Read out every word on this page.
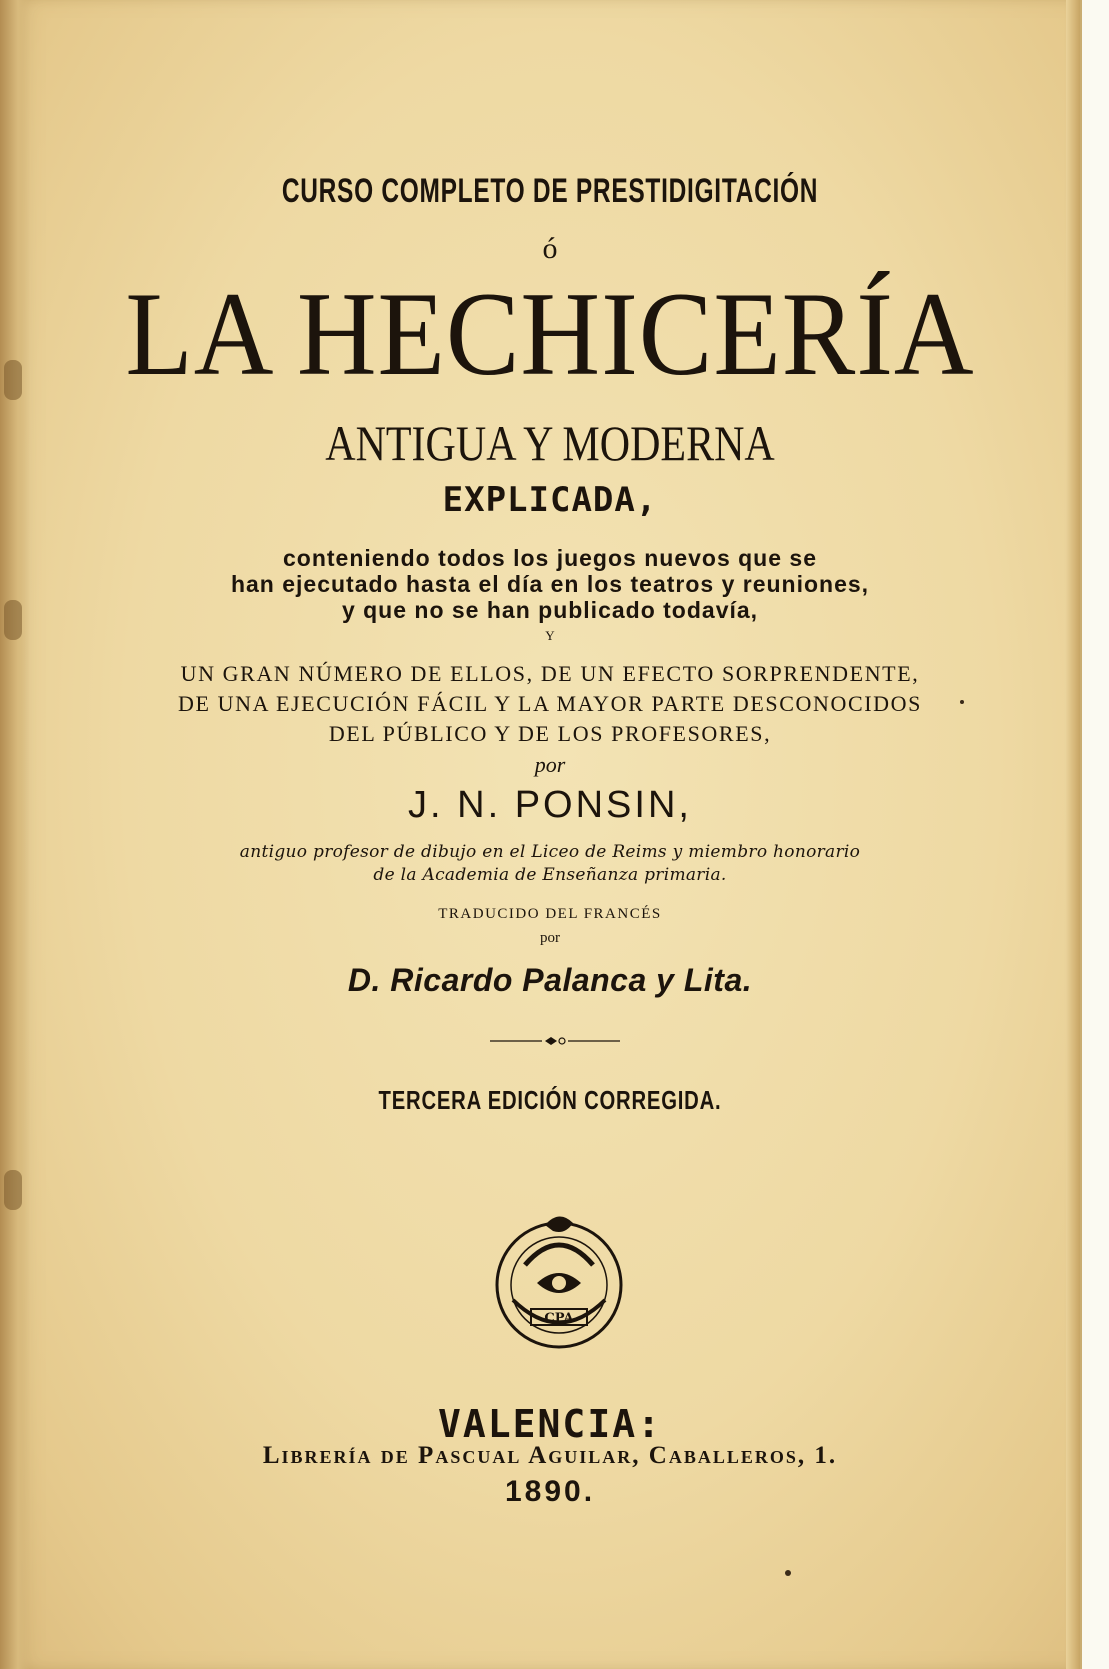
CURSO COMPLETO DE PRESTIDIGITACIÓN
ó
LA HECHICERÍA
ANTIGUA Y MODERNA
EXPLICADA,
conteniendo todos los juegos nuevos que se
han ejecutado hasta el día en los teatros y reuniones,
y que no se han publicado todavía,
Y
UN GRAN NÚMERO DE ELLOS, DE UN EFECTO SORPRENDENTE,
DE UNA EJECUCIÓN FÁCIL Y LA MAYOR PARTE DESCONOCIDOS
DEL PÚBLICO Y DE LOS PROFESORES,
por
J. N. PONSIN,
antiguo profesor de dibujo en el Liceo de Reims y miembro honorario
de la Academia de Enseñanza primaria.
TRADUCIDO DEL FRANCÉS
por
D. Ricardo Palanca y Lita.
TERCERA EDICIÓN CORREGIDA.
CPA
VALENCIA:
Librería de Pascual Aguilar, Caballeros, 1.
1890.
